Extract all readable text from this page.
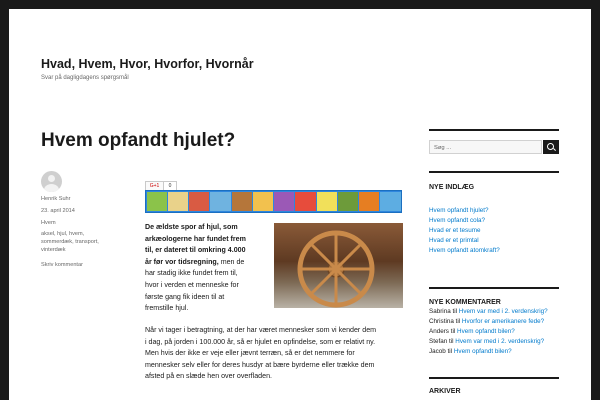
Hvad, Hvem, Hvor, Hvorfor, Hvornår
Svar på dagligdagens spørgsmål
Hvem opfandt hjulet?
Henrik Suhr
23. april 2014
Hvem
aksel, hjul, hvem,
sommerdæk, transport,
vinterdæk
Skriv kommentar
G+1	0
De ældste spor af hjul, som
arkæologerne har fundet frem
til, er dateret til omkring 4.000
år før vor tidsregning, men de
har stadig ikke fundet frem til,
hvor i verden et menneske for
første gang fik ideen til at
fremstille hjul.
Når vi tager i betragtning, at der har været mennesker som vi kender dem
i dag, på jorden i 100.000 år, så er hjulet en opfindelse, som er relativt ny.
Men hvis der ikke er veje eller jævnt terræn, så er det nemmere for
mennesker selv eller for deres husdyr at bære byrderne eller trække dem
afsted på en slæde hen over overfladen.
Søg ...
NYE INDLÆG
Hvem opfandt hjulet?
Hvem opfandt cola?
Hvad er et tesume
Hvad er et primtal
Hvem opfandt atomkraft?
NYE KOMMENTARER
Sabrina til Hvem var med i 2. verdenskrig?
Christina til Hvorfor er amerikanere fede?
Anders til Hvem opfandt bilen?
Stefan til Hvem var med i 2. verdenskrig?
Jacob til Hvem opfandt bilen?
ARKIVER
